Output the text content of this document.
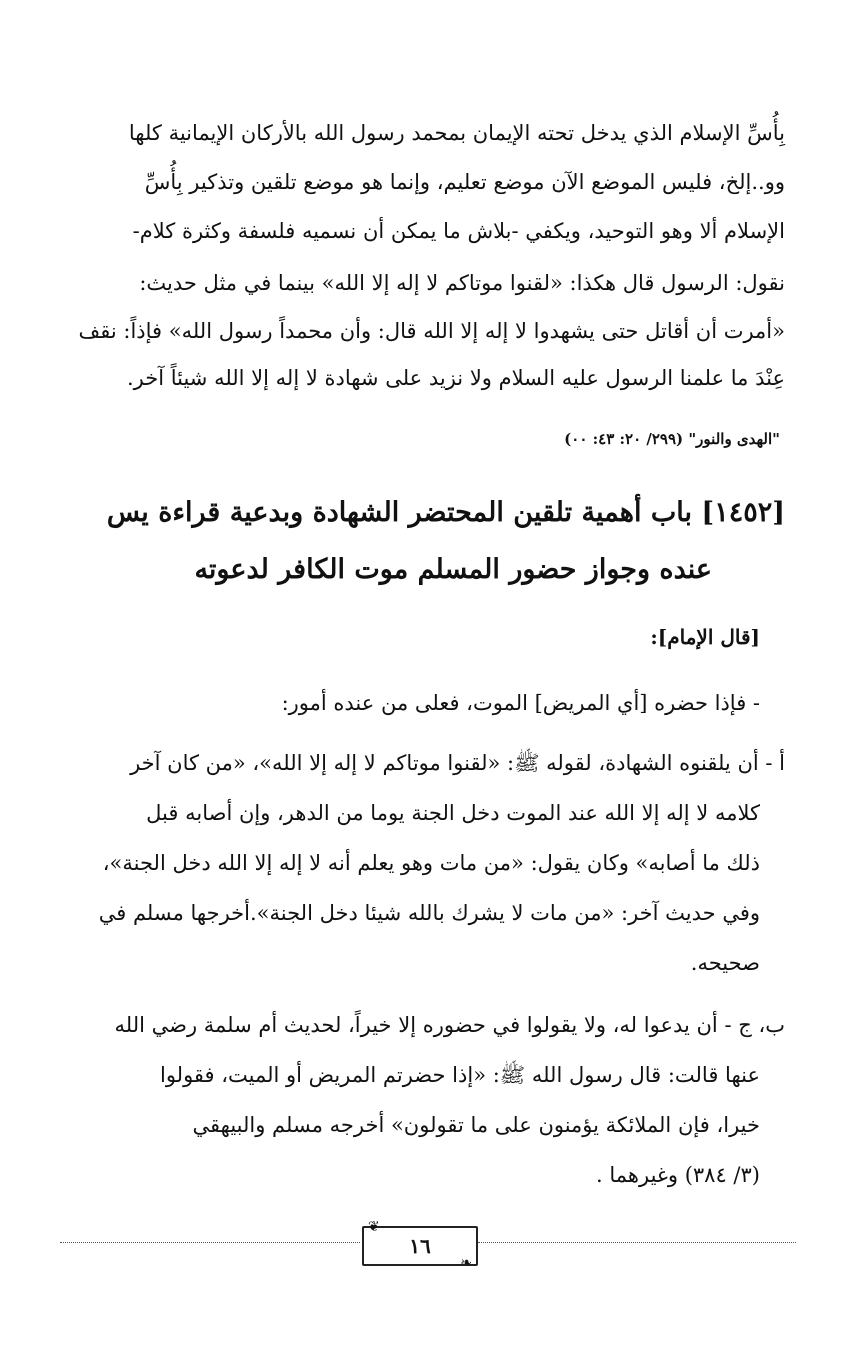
بِأُسِّ الإسلام الذي يدخل تحته الإيمان بمحمد رسول الله بالأركان الإيمانية كلها
وو..إلخ، فليس الموضع الآن موضع تعليم، وإنما هو موضع تلقين وتذكير بِأُسِّ
الإسلام ألا وهو التوحيد، ويكفي -بلاش ما يمكن أن نسميه فلسفة وكثرة كلام-
نقول: الرسول قال هكذا: «لقنوا موتاكم لا إله إلا الله» بينما في مثل حديث:
«أمرت أن أقاتل حتى يشهدوا لا إله إلا الله قال: وأن محمداً رسول الله» فإذاً: نقف
عِنْدَ ما علمنا الرسول عليه السلام ولا نزيد على شهادة لا إله إلا الله شيئاً آخر.
"الهدى والنور" (٢٩٩/ ٢٠: ٤٣: ٠٠)
[١٤٥٢] باب أهمية تلقين المحتضر الشهادة وبدعية قراءة يس
عنده وجواز حضور المسلم موت الكافر لدعوته
[قال الإمام]:
- فإذا حضره [أي المريض] الموت، فعلى من عنده أمور:
أ - أن يلقنوه الشهادة، لقوله ﷺ: «لقنوا موتاكم لا إله إلا الله»، «من كان آخر
كلامه لا إله إلا الله عند الموت دخل الجنة يوما من الدهر، وإن أصابه قبل
ذلك ما أصابه» وكان يقول: «من مات وهو يعلم أنه لا إله إلا الله دخل الجنة»،
وفي حديث آخر: «من مات لا يشرك بالله شيئا دخل الجنة».أخرجها مسلم في
صحيحه.
ب، ج - أن يدعوا له، ولا يقولوا في حضوره إلا خيراً، لحديث أم سلمة رضي الله
عنها قالت: قال رسول الله ﷺ: «إذا حضرتم المريض أو الميت، فقولوا
خيرا، فإن الملائكة يؤمنون على ما تقولون» أخرجه مسلم والبيهقي
(٣/ ٣٨٤) وغيرهما .
❦
١٦
❧
